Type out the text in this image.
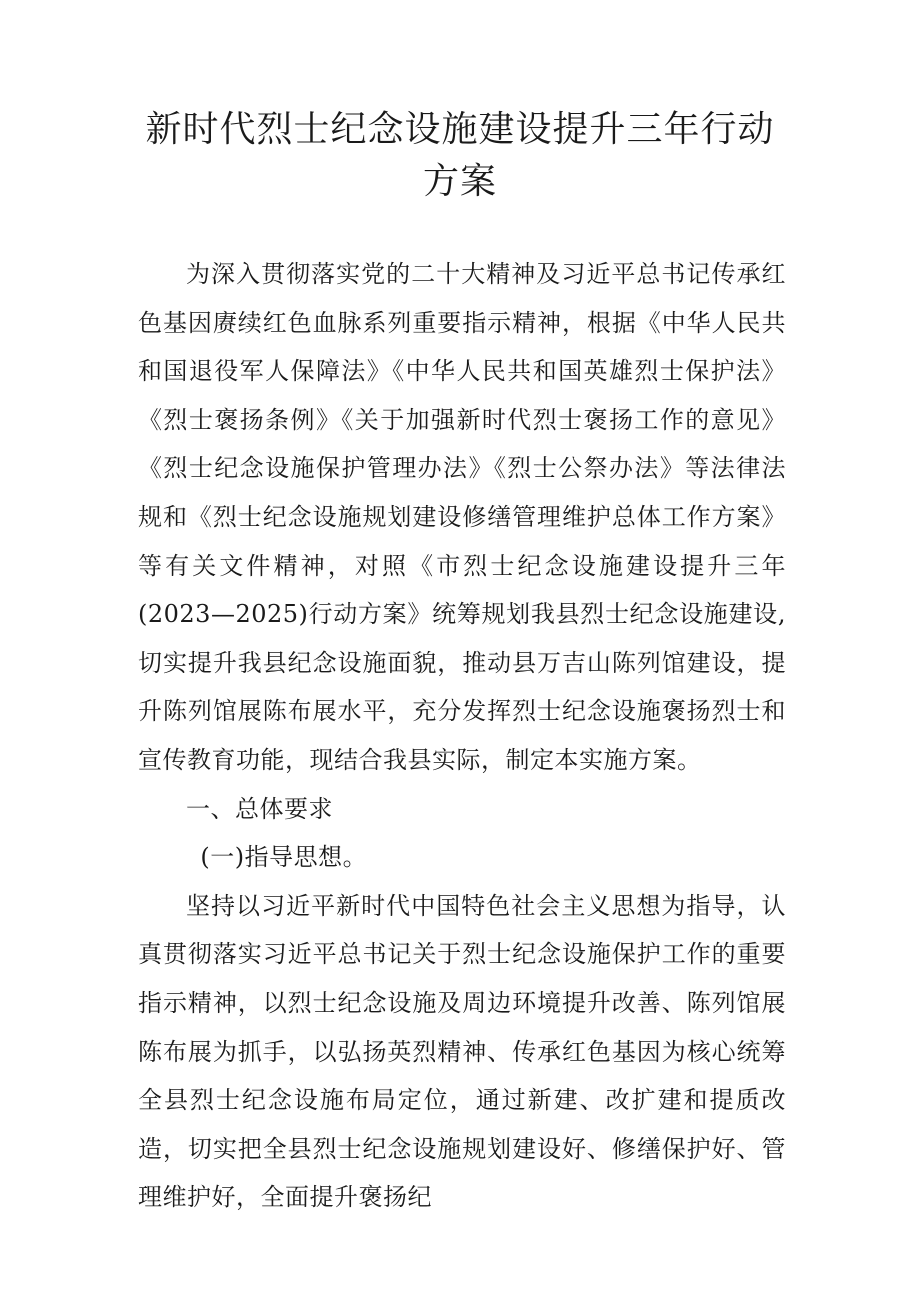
新时代烈士纪念设施建设提升三年行动方案

为深入贯彻落实党的二十大精神及习近平总书记传承红色基因赓续红色血脉系列重要指示精神，根据《中华人民共和国退役军人保障法》《中华人民共和国英雄烈士保护法》《烈士褒扬条例》《关于加强新时代烈士褒扬工作的意见》《烈士纪念设施保护管理办法》《烈士公祭办法》等法律法规和《烈士纪念设施规划建设修缮管理维护总体工作方案》等有关文件精神，对照《市烈士纪念设施建设提升三年(2023—2025)行动方案》统筹规划我县烈士纪念设施建设,切实提升我县纪念设施面貌，推动县万吉山陈列馆建设，提升陈列馆展陈布展水平，充分发挥烈士纪念设施褒扬烈士和宣传教育功能，现结合我县实际，制定本实施方案。

一、总体要求

(一)指导思想。

坚持以习近平新时代中国特色社会主义思想为指导，认真贯彻落实习近平总书记关于烈士纪念设施保护工作的重要指示精神，以烈士纪念设施及周边环境提升改善、陈列馆展陈布展为抓手，以弘扬英烈精神、传承红色基因为核心统筹全县烈士纪念设施布局定位，通过新建、改扩建和提质改造，切实把全县烈士纪念设施规划建设好、修缮保护好、管理维护好，全面提升褒扬纪
